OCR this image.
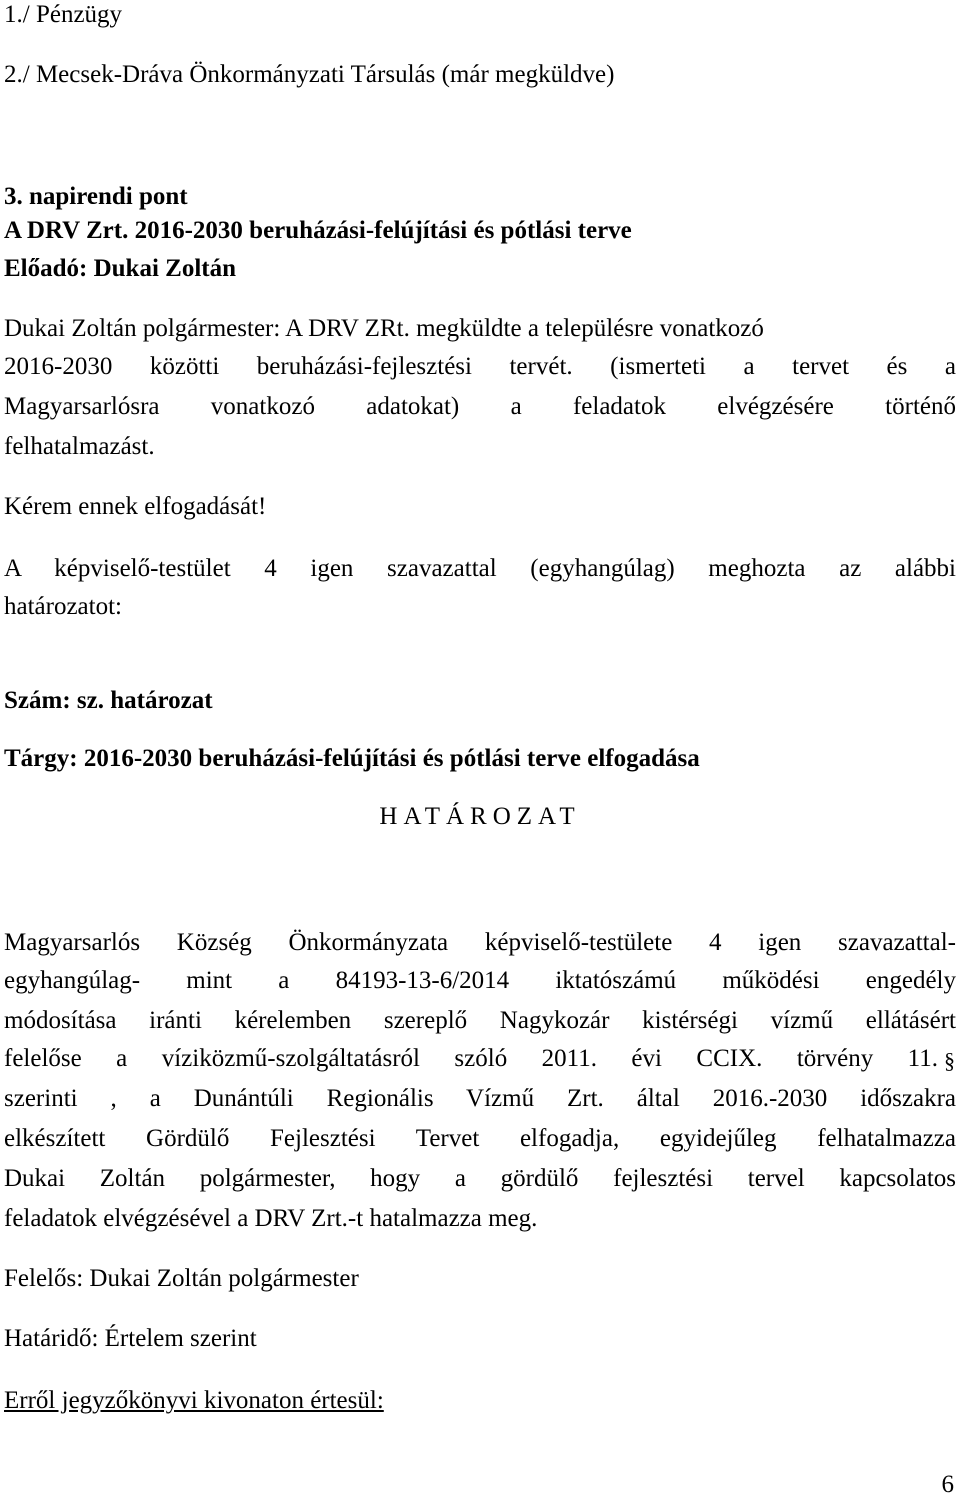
1./ Pénzügy
2./ Mecsek-Dráva Önkormányzati Társulás (már megküldve)
3. napirendi pont
A DRV Zrt. 2016-2030 beruházási-felújítási és pótlási terve
Előadó: Dukai Zoltán
Dukai Zoltán polgármester: A DRV ZRt. megküldte a településre vonatkozó
2016-2030 közötti beruházási-fejlesztési tervét. (ismerteti a tervet és a
Magyarsarlósra vonatkozó adatokat) a feladatok elvégzésére történő
felhatalmazást.
Kérem ennek elfogadását!
A képviselő-testület 4 igen szavazattal (egyhangúlag) meghozta az alábbi
határozatot:
Szám: sz. határozat
Tárgy: 2016-2030 beruházási-felújítási és pótlási terve elfogadása
HATÁROZAT
Magyarsarlós Község Önkormányzata képviselő-testülete 4 igen szavazattal-
egyhangúlag- mint a 84193-13-6/2014 iktatószámú működési engedély
módosítása iránti kérelemben szereplő Nagykozár kistérségi vízmű ellátásért
felelőse a víziközmű-szolgáltatásról szóló 2011. évi CCIX. törvény 11. §
szerinti , a Dunántúli Regionális Vízmű Zrt. által 2016.-2030 időszakra
elkészített Gördülő Fejlesztési Tervet elfogadja, egyidejűleg felhatalmazza
Dukai Zoltán polgármester, hogy a gördülő fejlesztési tervel kapcsolatos
feladatok elvégzésével a DRV Zrt.-t hatalmazza meg.
Felelős: Dukai Zoltán polgármester
Határidő: Értelem szerint
Erről jegyzőkönyvi kivonaton értesül:
6
